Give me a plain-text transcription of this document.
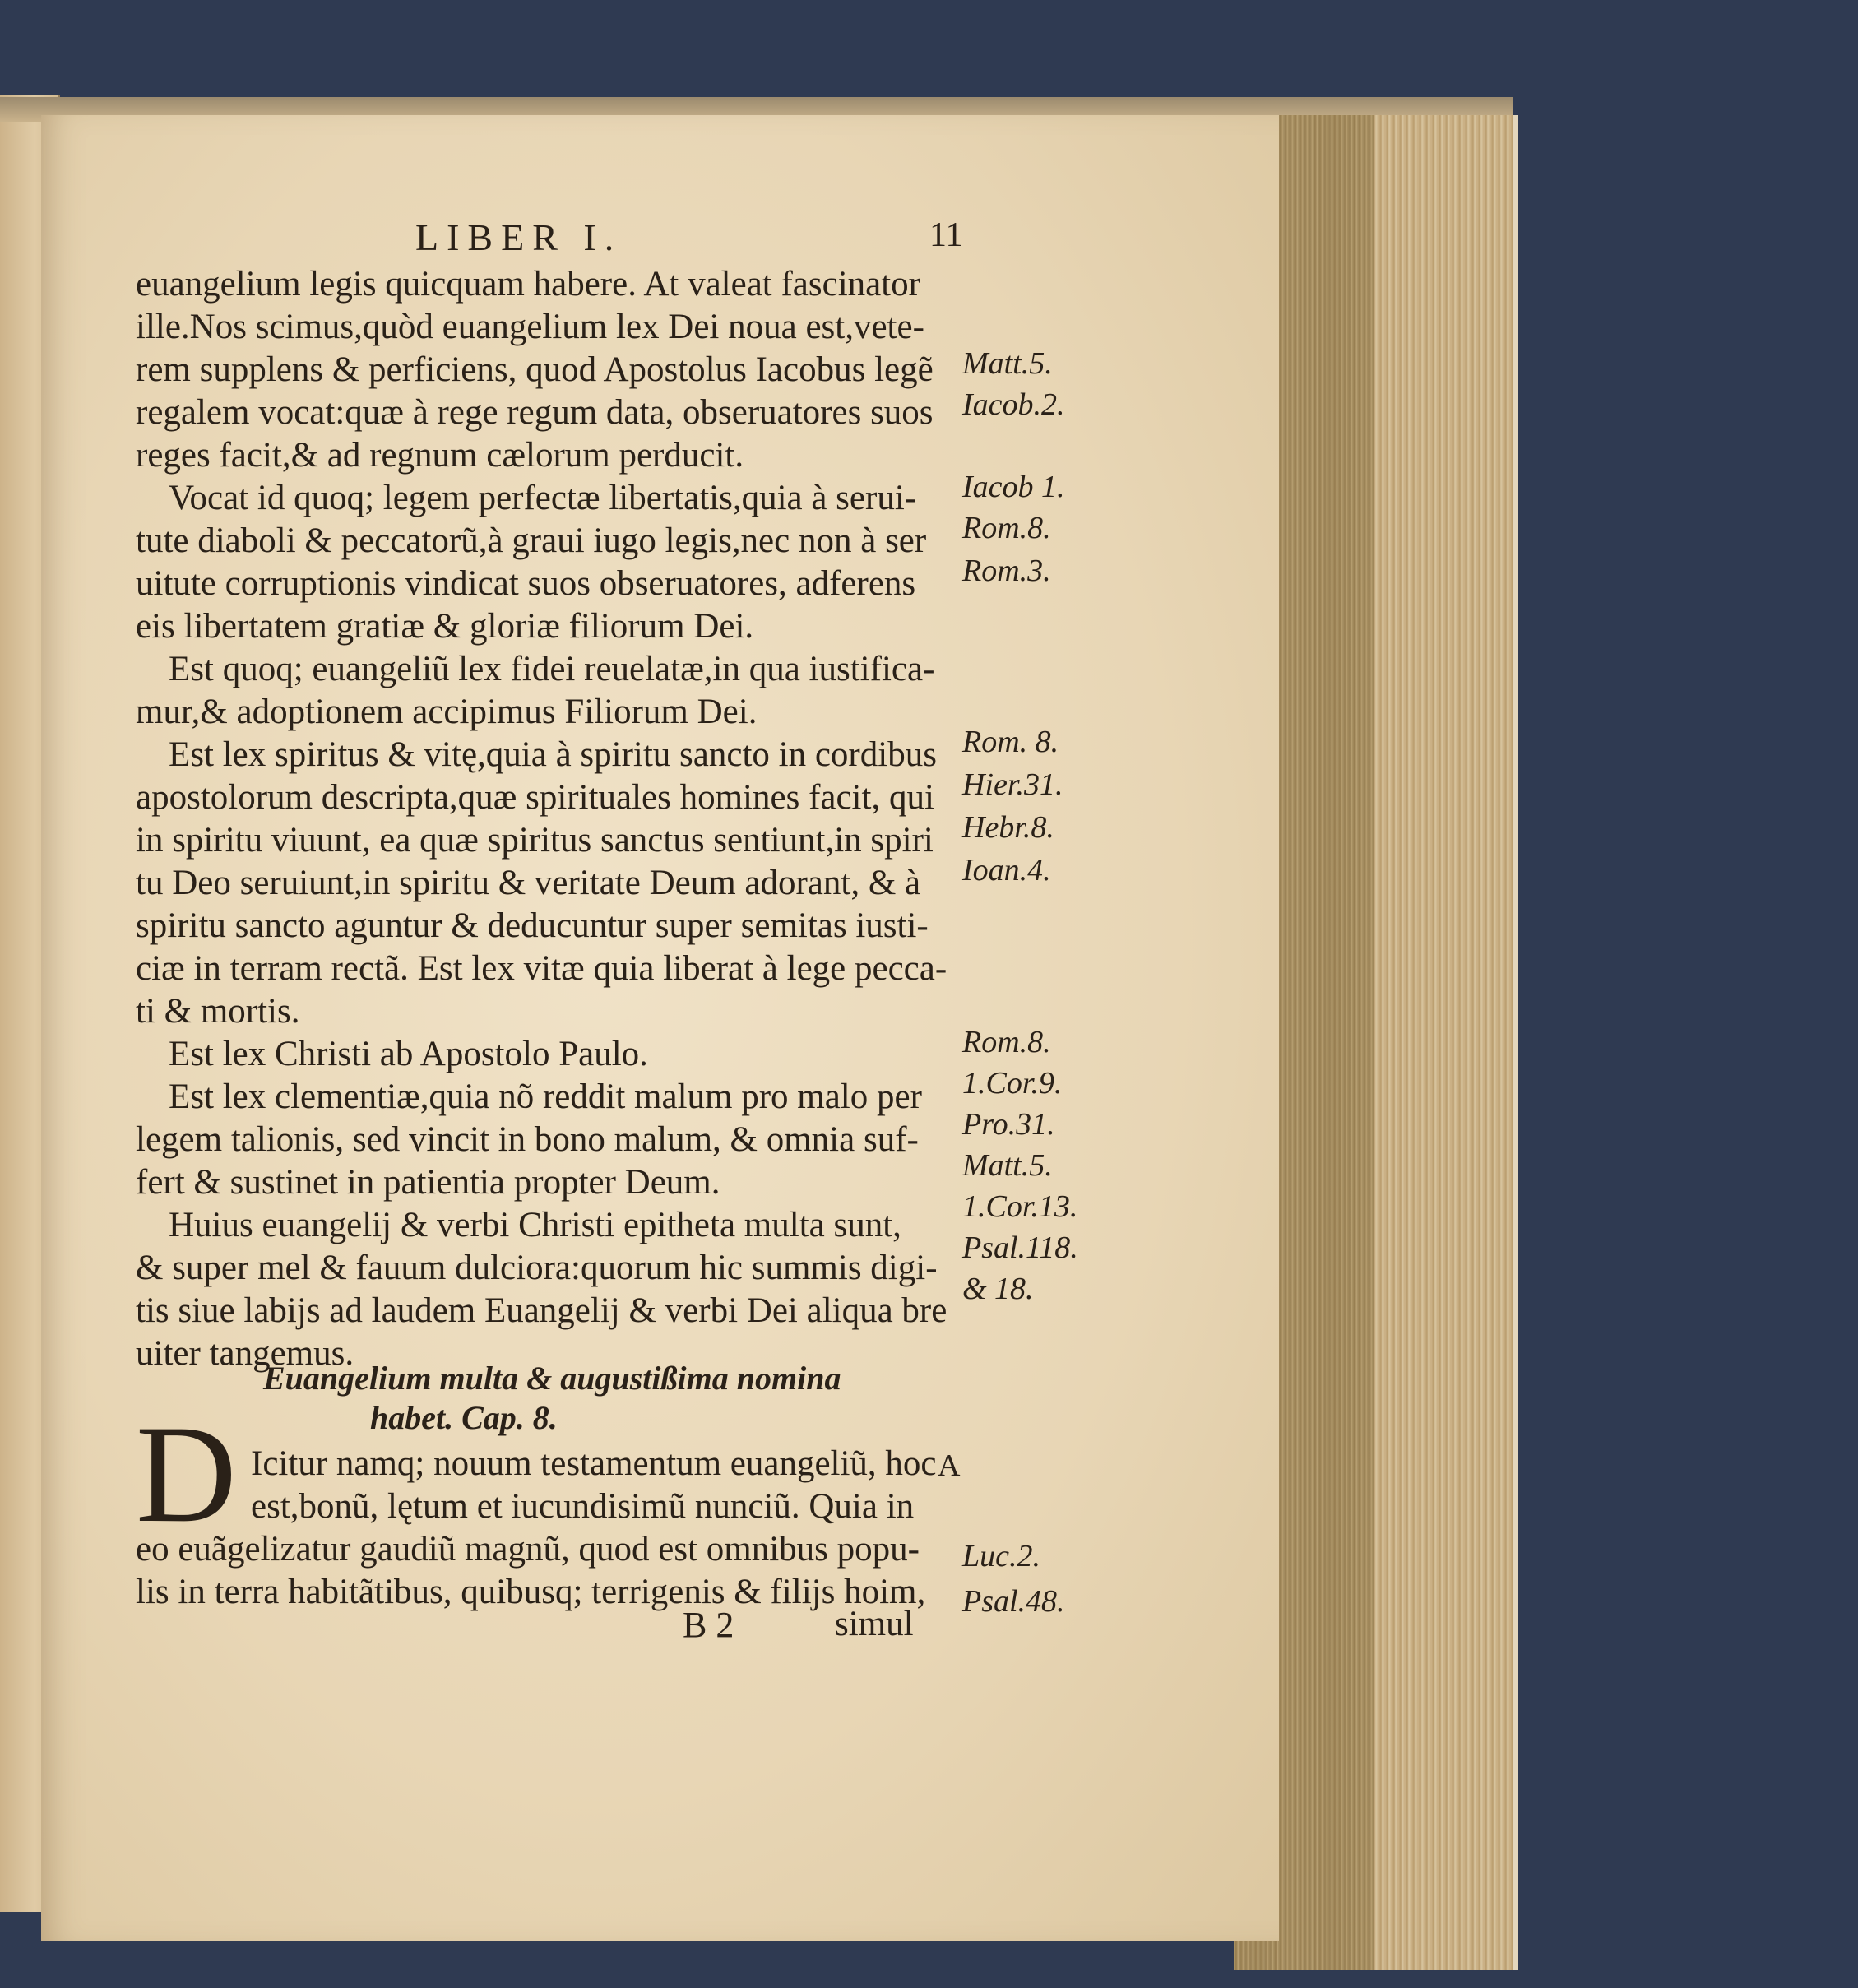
LIBER I.	11
euangelium legis quicquam habere. At valeat fascinator
ille.Nos scimus,quòd euangelium lex Dei noua est,vete-
rem supplens & perficiens, quod Apostolus Iacobus legẽ
regalem vocat:quæ à rege regum data, obseruatores suos
reges facit,& ad regnum cælorum perducit.
Vocat id quoq; legem perfectæ libertatis,quia à serui-
tute diaboli & peccatorũ,à graui iugo legis,nec non à ser
uitute corruptionis vindicat suos obseruatores, adferens
eis libertatem gratiæ & gloriæ filiorum Dei.
Est quoq; euangeliũ lex fidei reuelatæ,in qua iustifica-
mur,& adoptionem accipimus Filiorum Dei.
Est lex spiritus & vitę,quia à spiritu sancto in cordibus
apostolorum descripta,quæ spirituales homines facit, qui
in spiritu viuunt, ea quæ spiritus sanctus sentiunt,in spiri
tu Deo seruiunt,in spiritu & veritate Deum adorant, & à
spiritu sancto aguntur & deducuntur super semitas iusti-
ciæ in terram rectã. Est lex vitæ quia liberat à lege pecca-
ti & mortis.
Est lex Christi ab Apostolo Paulo.
Est lex clementiæ,quia nõ reddit malum pro malo per
legem talionis, sed vincit in bono malum, & omnia suf-
fert & sustinet in patientia propter Deum.
Huius euangelij & verbi Christi epitheta multa sunt,
& super mel & fauum dulciora:quorum hic summis digi-
tis siue labijs ad laudem Euangelij & verbi Dei aliqua bre
uiter tangemus.
Matt.5.
Iacob.2.
Iacob 1.
Rom.8.
Rom.3.
Rom. 8.
Hier.31.
Hebr.8.
Ioan.4.
Rom.8.
1.Cor.9.
Pro.31.
Matt.5.
1.Cor.13.
Psal.118.
& 18.
A
Luc.2.
Psal.48.
Euangelium multa & augustißima nomina
habet. Cap. 8.
D Icitur namq; nouum testamentum euangeliũ, hoc
est,bonũ, lętum et iucundisimũ nunciũ. Quia in
eo euãgelizatur gaudiũ magnũ, quod est omnibus popu-
lis in terra habitãtibus, quibusq; terrigenis & filijs hoim,
B 2	simul
